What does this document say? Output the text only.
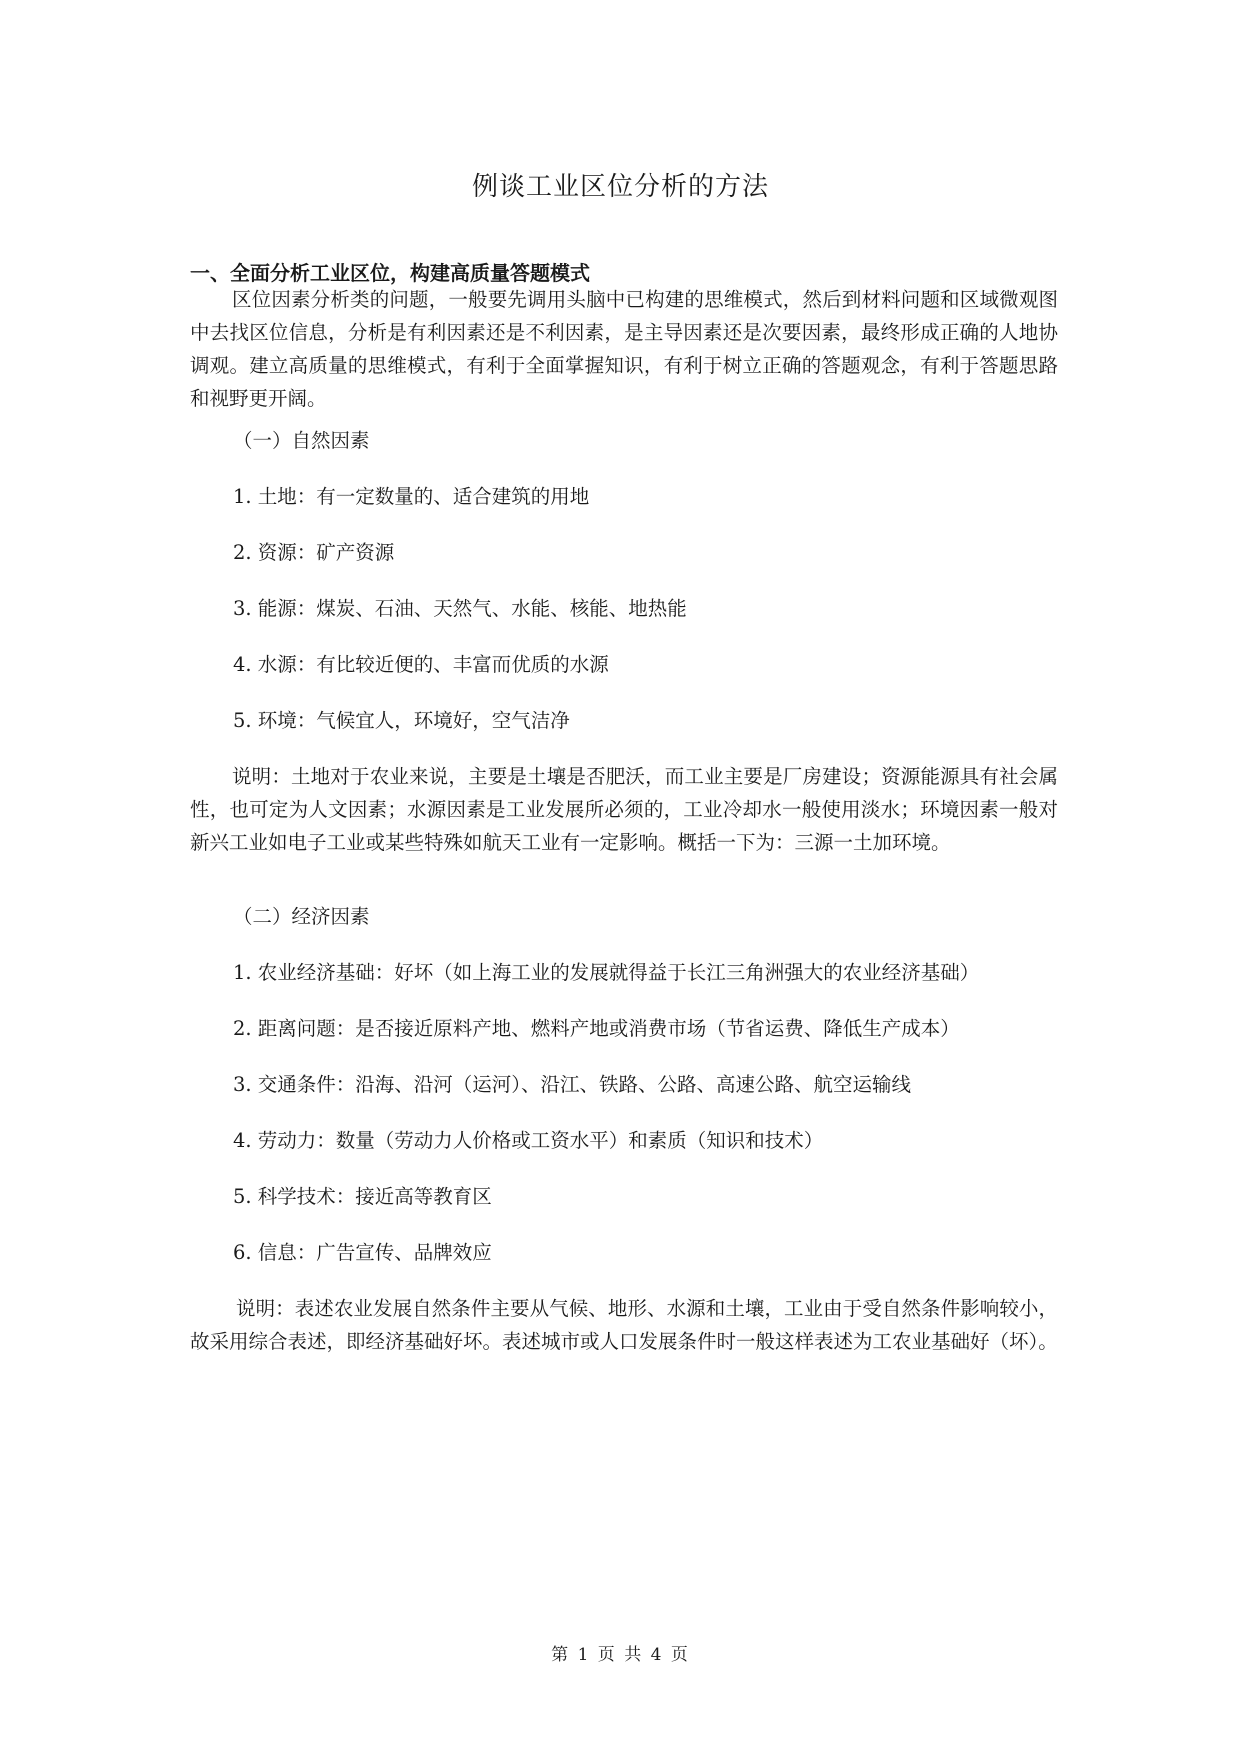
例谈工业区位分析的方法
一、全面分析工业区位，构建高质量答题模式
区位因素分析类的问题，一般要先调用头脑中已构建的思维模式，然后到材料问题和区域微观图中去找区位信息，分析是有利因素还是不利因素，是主导因素还是次要因素，最终形成正确的人地协调观。建立高质量的思维模式，有利于全面掌握知识，有利于树立正确的答题观念，有利于答题思路和视野更开阔。
（一）自然因素
1. 土地：有一定数量的、适合建筑的用地
2. 资源：矿产资源
3. 能源：煤炭、石油、天然气、水能、核能、地热能
4. 水源：有比较近便的、丰富而优质的水源
5. 环境：气候宜人，环境好，空气洁净
说明：土地对于农业来说，主要是土壤是否肥沃，而工业主要是厂房建设；资源能源具有社会属性，也可定为人文因素；水源因素是工业发展所必须的，工业冷却水一般使用淡水；环境因素一般对新兴工业如电子工业或某些特殊如航天工业有一定影响。概括一下为：三源一土加环境。
（二）经济因素
1. 农业经济基础：好坏（如上海工业的发展就得益于长江三角洲强大的农业经济基础）
2. 距离问题：是否接近原料产地、燃料产地或消费市场（节省运费、降低生产成本）
3. 交通条件：沿海、沿河（运河）、沿江、铁路、公路、高速公路、航空运输线
4. 劳动力：数量（劳动力人价格或工资水平）和素质（知识和技术）
5. 科学技术：接近高等教育区
6. 信息：广告宣传、品牌效应
说明：表述农业发展自然条件主要从气候、地形、水源和土壤，工业由于受自然条件影响较小，故采用综合表述，即经济基础好坏。表述城市或人口发展条件时一般这样表述为工农业基础好（坏）。
第 1 页 共 4 页
